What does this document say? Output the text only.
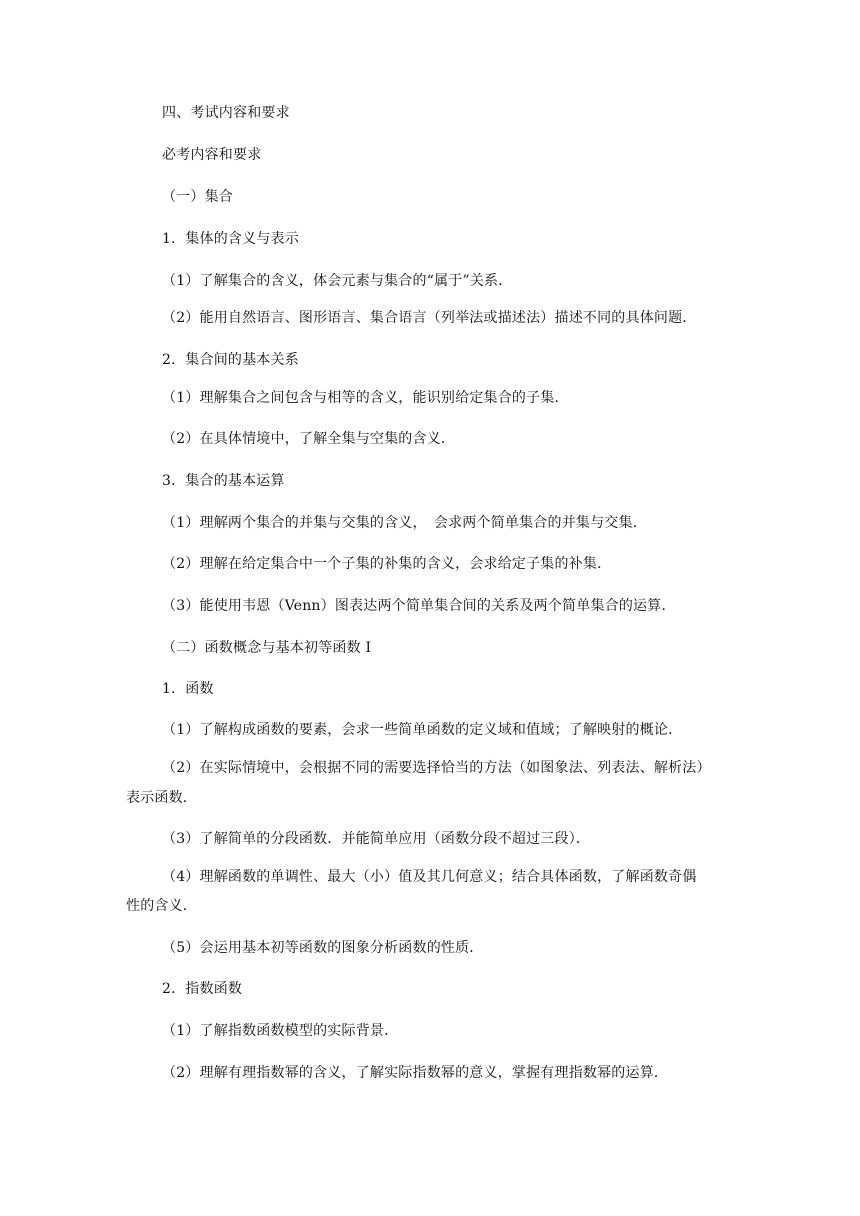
四、考试内容和要求
必考内容和要求
（一）集合
1．集体的含义与表示
（1）了解集合的含义，体会元素与集合的“属于”关系．
（2）能用自然语言、图形语言、集合语言（列举法或描述法）描述不同的具体问题．
2．集合间的基本关系
（1）理解集合之间包含与相等的含义，能识别给定集合的子集．
（2）在具体情境中，了解全集与空集的含义．
3．集合的基本运算
（1）理解两个集合的并集与交集的含义，　会求两个简单集合的并集与交集．
（2）理解在给定集合中一个子集的补集的含义，会求给定子集的补集．
（3）能使用韦恩（Venn）图表达两个简单集合间的关系及两个简单集合的运算．
（二）函数概念与基本初等函数 I
1．函数
（1）了解构成函数的要素，会求一些简单函数的定义域和值域；了解映射的概论．
（2）在实际情境中，会根据不同的需要选择恰当的方法（如图象法、列表法、解析法）
表示函数．
（3）了解简单的分段函数．并能简单应用（函数分段不超过三段）．
（4）理解函数的单调性、最大（小）值及其几何意义；结合具体函数，了解函数奇偶
性的含义．
（5）会运用基本初等函数的图象分析函数的性质．
2．指数函数
（1）了解指数函数模型的实际背景．
（2）理解有理指数幂的含义，了解实际指数幂的意义，掌握有理指数幂的运算．
